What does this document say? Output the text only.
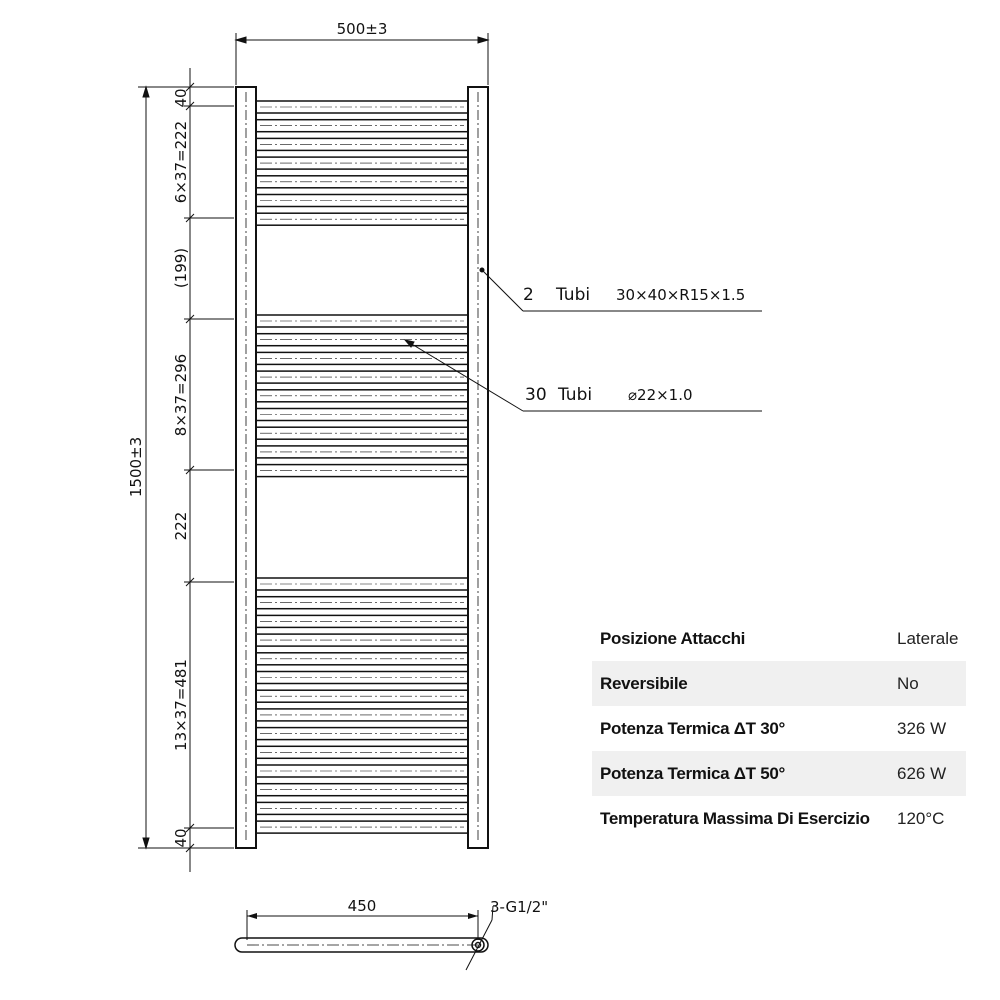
500±3
1500±3
40
6×37=222
(199)
8×37=296
222
13×37=481
40
2 Tubi 30×40×R15×1.5
30 Tubi ⌀22×1.0
450	3-G1/2"
Posizione Attacchi	Laterale
Reversibile	No
Potenza Termica ΔT 30°	326 W
Potenza Termica ΔT 50°	626 W
Temperatura Massima Di Esercizio	120°C
